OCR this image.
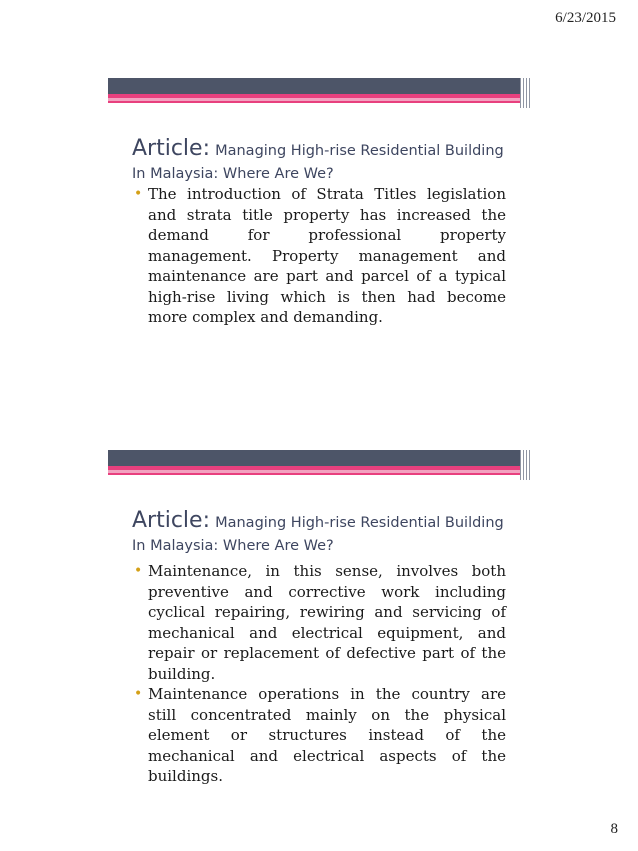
6/23/2015
Article: Managing High-rise Residential Building In Malaysia: Where Are We?
• The introduction of Strata Titles legislation and strata title property has increased the demand for professional property management. Property management and maintenance are part and parcel of a typical high-rise living which is then had become more complex and demanding.
Article: Managing High-rise Residential Building In Malaysia: Where Are We?
• Maintenance, in this sense, involves both preventive and corrective work including cyclical repairing, rewiring and servicing of mechanical and electrical equipment, and repair or replacement of defective part of the building.
• Maintenance operations in the country are still concentrated mainly on the physical element or structures instead of the mechanical and electrical aspects of the buildings.
8
